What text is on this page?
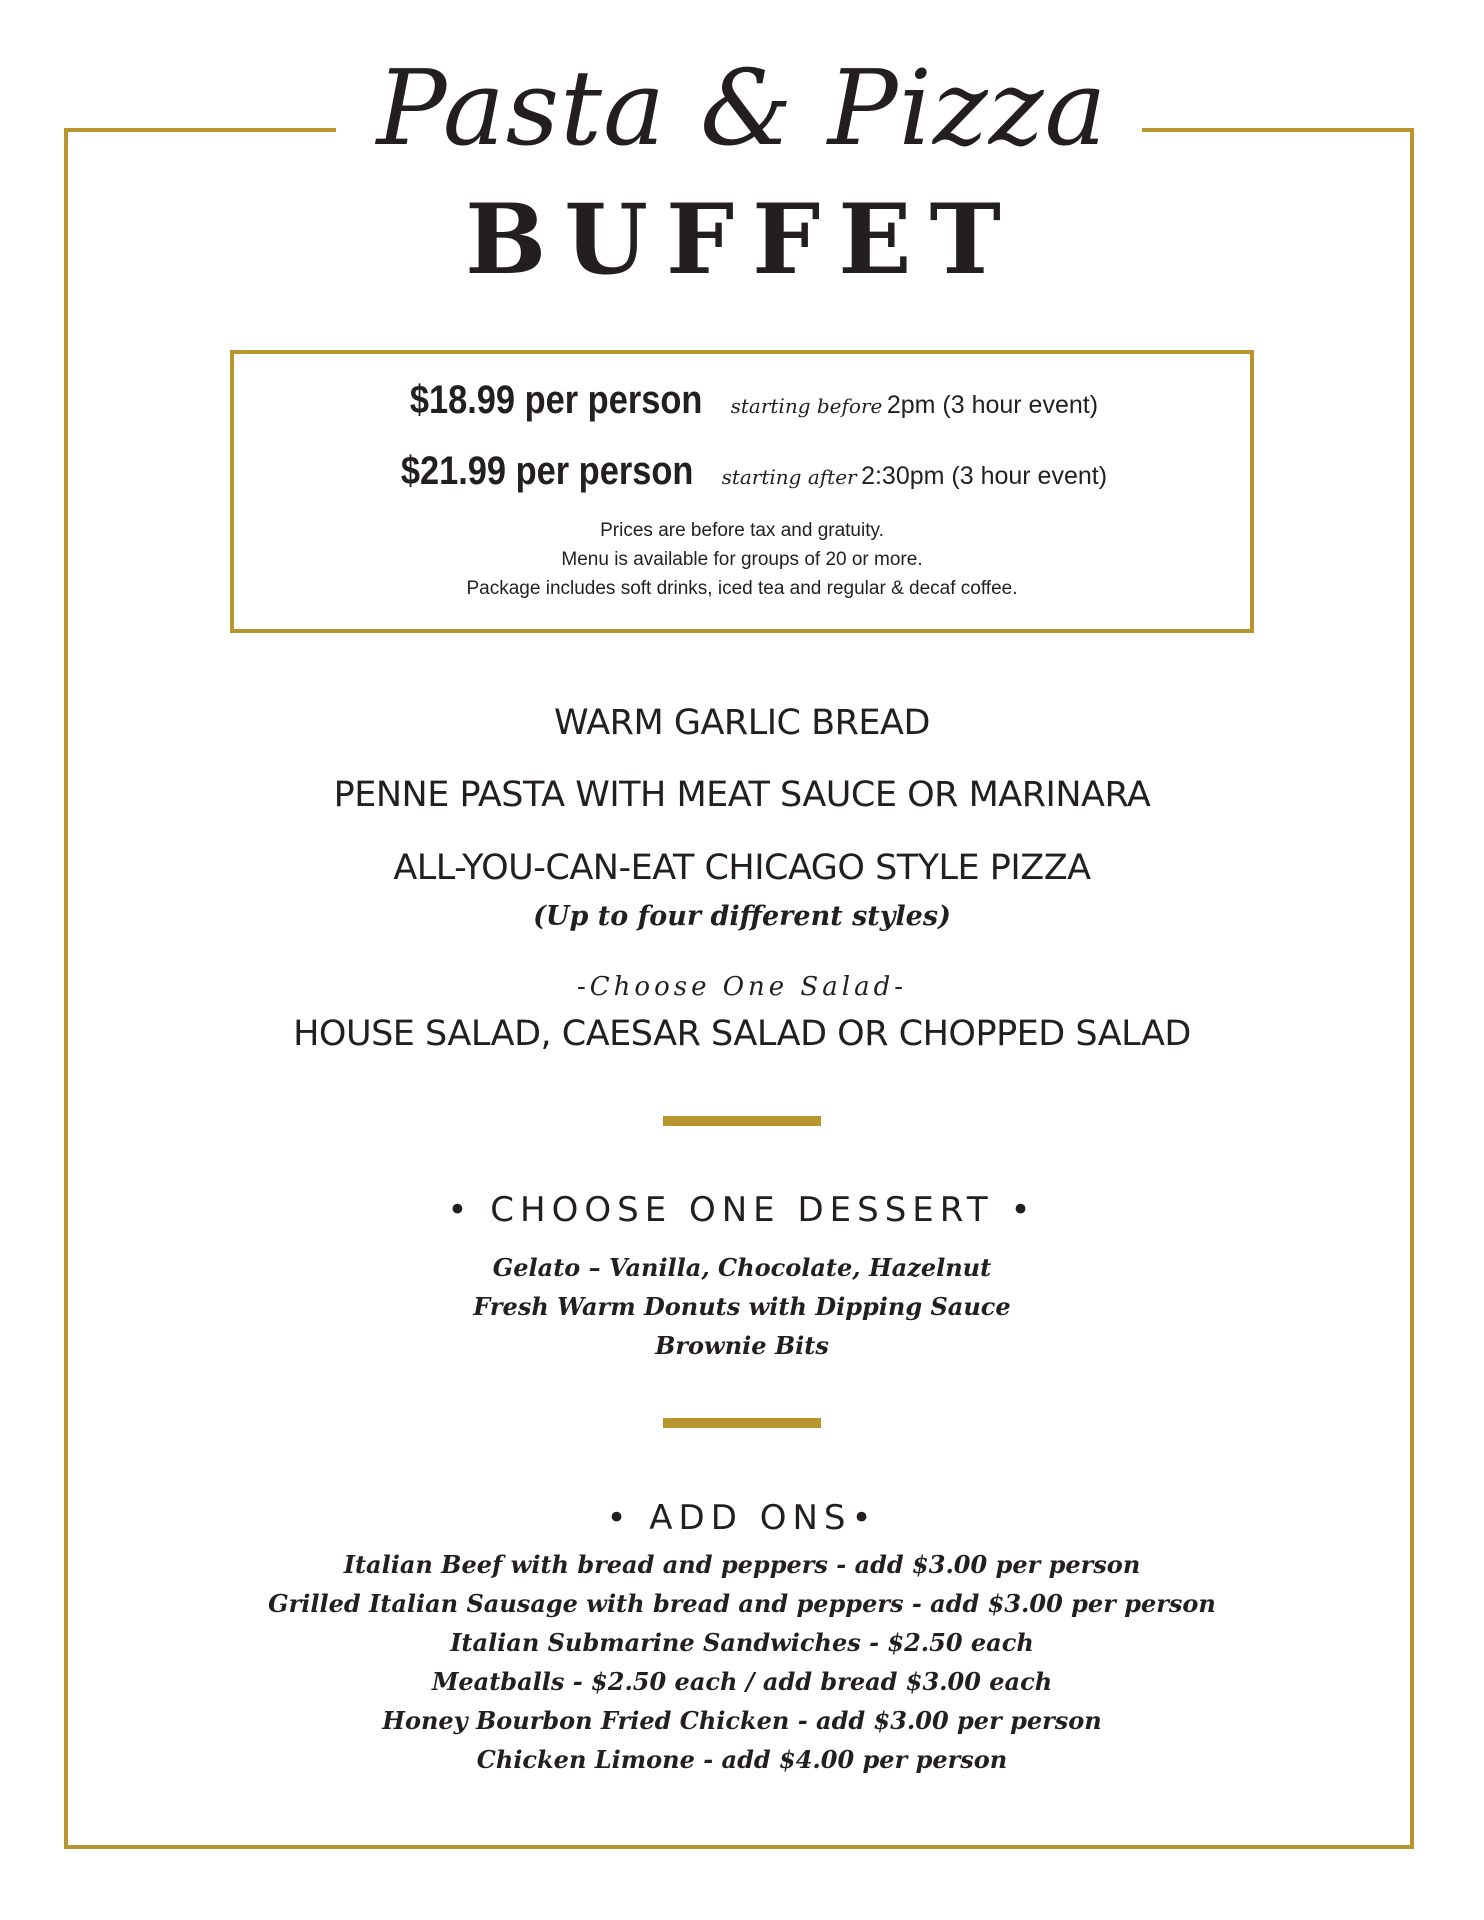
Pasta & Pizza
BUFFET
$18.99 per person starting before 2pm (3 hour event)
$21.99 per person starting after 2:30pm (3 hour event)
Prices are before tax and gratuity.
Menu is available for groups of 20 or more.
Package includes soft drinks, iced tea and regular & decaf coffee.
WARM GARLIC BREAD
PENNE PASTA WITH MEAT SAUCE OR MARINARA
ALL-YOU-CAN-EAT CHICAGO STYLE PIZZA
(Up to four different styles)
-Choose One Salad-
HOUSE SALAD, CAESAR SALAD OR CHOPPED SALAD
• CHOOSE ONE DESSERT •
Gelato – Vanilla, Chocolate, Hazelnut
Fresh Warm Donuts with Dipping Sauce
Brownie Bits
• ADD ONS•
Italian Beef with bread and peppers - add $3.00 per person
Grilled Italian Sausage with bread and peppers - add $3.00 per person
Italian Submarine Sandwiches - $2.50 each
Meatballs - $2.50 each / add bread $3.00 each
Honey Bourbon Fried Chicken - add $3.00 per person
Chicken Limone - add $4.00 per person
